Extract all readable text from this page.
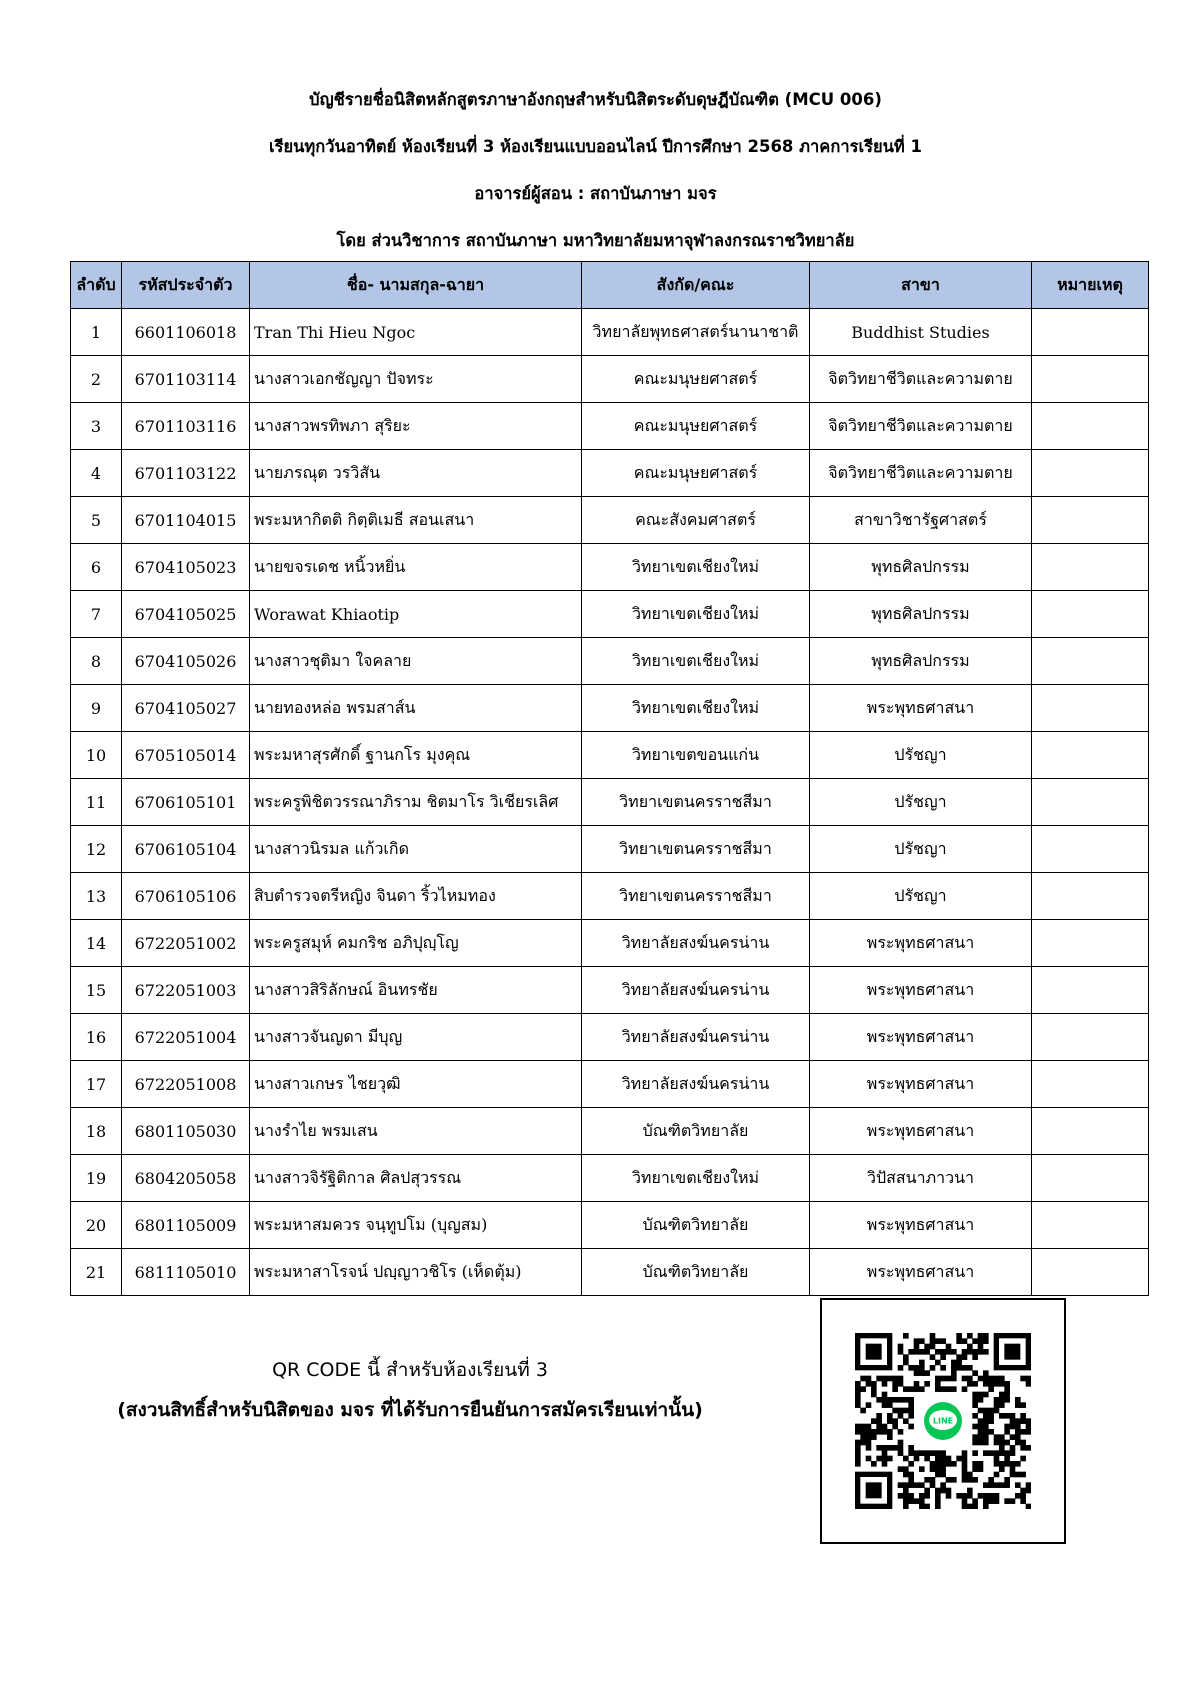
บัญชีรายชื่อนิสิตหลักสูตรภาษาอังกฤษสำหรับนิสิตระดับดุษฎีบัณฑิต (MCU 006)
เรียนทุกวันอาทิตย์ ห้องเรียนที่ 3 ห้องเรียนแบบออนไลน์ ปีการศึกษา 2568 ภาคการเรียนที่ 1
อาจารย์ผู้สอน : สถาบันภาษา มจร
โดย ส่วนวิชาการ สถาบันภาษา มหาวิทยาลัยมหาจุฬาลงกรณราชวิทยาลัย
ลำดับ	รหัสประจำตัว	ชื่อ- นามสกุล-ฉายา	สังกัด/คณะ	สาขา	หมายเหตุ
1	6601106018	Tran Thi Hieu Ngoc	วิทยาลัยพุทธศาสตร์นานาชาติ	Buddhist Studies	
2	6701103114	นางสาวเอกชัญญา ปัจทระ	คณะมนุษยศาสตร์	จิตวิทยาชีวิตและความตาย	
3	6701103116	นางสาวพรทิพภา สุริยะ	คณะมนุษยศาสตร์	จิตวิทยาชีวิตและความตาย	
4	6701103122	นายภรณุต วรวิสัน	คณะมนุษยศาสตร์	จิตวิทยาชีวิตและความตาย	
5	6701104015	พระมหากิตติ กิตฺติเมธี สอนเสนา	คณะสังคมศาสตร์	สาขาวิชารัฐศาสตร์	
6	6704105023	นายขจรเดช หนิ้วหยิ่น	วิทยาเขตเชียงใหม่	พุทธศิลปกรรม	
7	6704105025	Worawat Khiaotip	วิทยาเขตเชียงใหม่	พุทธศิลปกรรม	
8	6704105026	นางสาวชุติมา ใจคลาย	วิทยาเขตเชียงใหม่	พุทธศิลปกรรม	
9	6704105027	นายทองหล่อ พรมสาส์น	วิทยาเขตเชียงใหม่	พระพุทธศาสนา	
10	6705105014	พระมหาสุรศักดิ์ ฐานกโร มุงคุณ	วิทยาเขตขอนแก่น	ปรัชญา	
11	6706105101	พระครูพิชิตวรรณาภิราม ชิตมาโร วิเชียรเลิศ	วิทยาเขตนครราชสีมา	ปรัชญา	
12	6706105104	นางสาวนิรมล แก้วเกิด	วิทยาเขตนครราชสีมา	ปรัชญา	
13	6706105106	สิบตำรวจตรีหญิง จินดา ริ้วไหมทอง	วิทยาเขตนครราชสีมา	ปรัชญา	
14	6722051002	พระครูสมุห์ คมกริช อภิปุญฺโญ	วิทยาลัยสงฆ์นครน่าน	พระพุทธศาสนา	
15	6722051003	นางสาวสิริลักษณ์ อินทรชัย	วิทยาลัยสงฆ์นครน่าน	พระพุทธศาสนา	
16	6722051004	นางสาวจันญดา มีบุญ	วิทยาลัยสงฆ์นครน่าน	พระพุทธศาสนา	
17	6722051008	นางสาวเกษร ไชยวุฒิ	วิทยาลัยสงฆ์นครน่าน	พระพุทธศาสนา	
18	6801105030	นางรำไย พรมเสน	บัณฑิตวิทยาลัย	พระพุทธศาสนา	
19	6804205058	นางสาวจิรัฐิติกาล ศิลปสุวรรณ	วิทยาเขตเชียงใหม่	วิปัสสนาภาวนา	
20	6801105009	พระมหาสมควร จนฺทูปโม (บุญสม)	บัณฑิตวิทยาลัย	พระพุทธศาสนา	
21	6811105010	พระมหาสาโรจน์ ปญฺญาวชิโร (เห็ดตุ้ม)	บัณฑิตวิทยาลัย	พระพุทธศาสนา	
QR CODE นี้ สำหรับห้องเรียนที่ 3
(สงวนสิทธิ์สำหรับนิสิตของ มจร ที่ได้รับการยืนยันการสมัครเรียนเท่านั้น)	LINE
